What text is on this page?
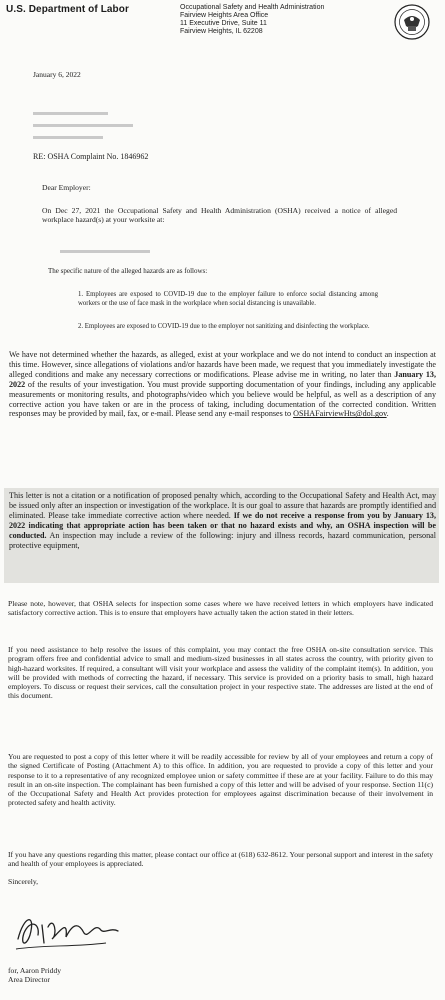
U.S. Department of Labor	Occupational Safety and Health Administration
Fairview Heights Area Office
11 Executive Drive, Suite 11
Fairview Heights, IL 62208
January 6, 2022
RE: OSHA Complaint No. 1846962
Dear Employer:
On Dec 27, 2021 the Occupational Safety and Health Administration (OSHA) received a notice of alleged workplace hazard(s) at your worksite at:
The specific nature of the alleged hazards are as follows:
1. Employees are exposed to COVID-19 due to the employer failure to enforce social distancing among workers or the use of face mask in the workplace when social distancing is unavailable.
2. Employees are exposed to COVID-19 due to the employer not sanitizing and disinfecting the workplace.
We have not determined whether the hazards, as alleged, exist at your workplace and we do not intend to conduct an inspection at this time. However, since allegations of violations and/or hazards have been made, we request that you immediately investigate the alleged conditions and make any necessary corrections or modifications. Please advise me in writing, no later than January 13, 2022 of the results of your investigation. You must provide supporting documentation of your findings, including any applicable measurements or monitoring results, and photographs/video which you believe would be helpful, as well as a description of any corrective action you have taken or are in the process of taking, including documentation of the corrected condition. Written responses may be provided by mail, fax, or e-mail. Please send any e-mail responses to OSHAFairviewHts@dol.gov.
This letter is not a citation or a notification of proposed penalty which, according to the Occupational Safety and Health Act, may be issued only after an inspection or investigation of the workplace. It is our goal to assure that hazards are promptly identified and eliminated. Please take immediate corrective action where needed. If we do not receive a response from you by January 13, 2022 indicating that appropriate action has been taken or that no hazard exists and why, an OSHA inspection will be conducted. An inspection may include a review of the following: injury and illness records, hazard communication, personal protective equipment,
Please note, however, that OSHA selects for inspection some cases where we have received letters in which employers have indicated satisfactory corrective action. This is to ensure that employers have actually taken the action stated in their letters.
If you need assistance to help resolve the issues of this complaint, you may contact the free OSHA on-site consultation service. This program offers free and confidential advice to small and medium-sized businesses in all states across the country, with priority given to high-hazard worksites. If required, a consultant will visit your workplace and assess the validity of the complaint item(s). In addition, you will be provided with methods of correcting the hazard, if necessary. This service is provided on a priority basis to small, high hazard employers. To discuss or request their services, call the consultation project in your respective state. The addresses are listed at the end of this document.
You are requested to post a copy of this letter where it will be readily accessible for review by all of your employees and return a copy of the signed Certificate of Posting (Attachment A) to this office. In addition, you are requested to provide a copy of this letter and your response to it to a representative of any recognized employee union or safety committee if these are at your facility. Failure to do this may result in an on-site inspection. The complainant has been furnished a copy of this letter and will be advised of your response. Section 11(c) of the Occupational Safety and Health Act provides protection for employees against discrimination because of their involvement in protected safety and health activity.
If you have any questions regarding this matter, please contact our office at (618) 632-8612. Your personal support and interest in the safety and health of your employees is appreciated.
Sincerely,
for, Aaron Priddy
Area Director
